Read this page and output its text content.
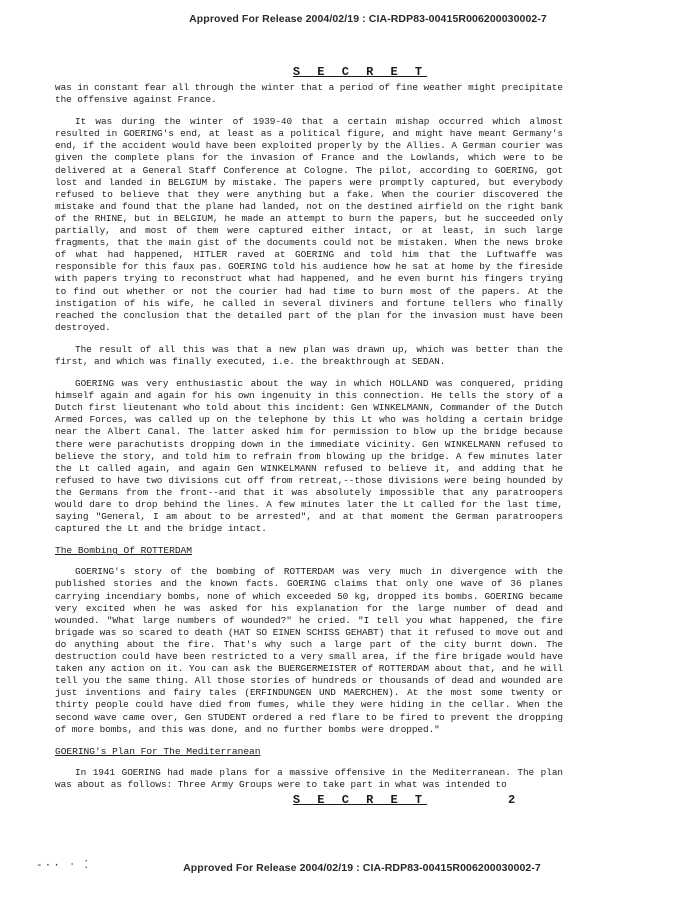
Approved For Release 2004/02/19 : CIA-RDP83-00415R006200030002-7
S E C R E T

was in constant fear all through the winter that a period of fine weather might precipitate the offensive against France.

It was during the winter of 1939-40 that a certain mishap occurred which almost resulted in GOERING's end, at least as a political figure, and might have meant Germany's end, if the accident would have been exploited properly by the Allies. A German courier was given the complete plans for the invasion of France and the Lowlands, which were to be delivered at a General Staff Conference at Cologne. The pilot, according to GOERING, got lost and landed in BELGIUM by mistake. The papers were promptly captured, but everybody refused to believe that they were anything but a fake. When the courier discovered the mistake and found that the plane had landed, not on the destined airfield on the right bank of the RHINE, but in BELGIUM, he made an attempt to burn the papers, but he succeeded only partially, and most of them were captured either intact, or at least, in such large fragments, that the main gist of the documents could not be mistaken. When the news broke of what had happened, HITLER raved at GOERING and told him that the Luftwaffe was responsible for this faux pas. GOERING told his audience how he sat at home by the fireside with papers trying to reconstruct what had happened, and he even burnt his fingers trying to find out whether or not the courier had had time to burn most of the papers. At the instigation of his wife, he called in several diviners and fortune tellers who finally reached the conclusion that the detailed part of the plan for the invasion must have been destroyed.

The result of all this was that a new plan was drawn up, which was better than the first, and which was finally executed, i.e. the breakthrough at SEDAN.

GOERING was very enthusiastic about the way in which HOLLAND was conquered, priding himself again and again for his own ingenuity in this connection. He tells the story of a Dutch first lieutenant who told about this incident: Gen WINKELMANN, Commander of the Dutch Armed Forces, was called up on the telephone by this Lt who was holding a certain bridge near the Albert Canal. The latter asked him for permission to blow up the bridge because there were parachutists dropping down in the immediate vicinity. Gen WINKELMANN refused to believe the story, and told him to refrain from blowing up the bridge. A few minutes later the Lt called again, and again Gen WINKELMANN refused to believe it, and adding that he refused to have two divisions cut off from retreat,--those divisions were being hounded by the Germans from the front--and that it was absolutely impossible that any paratroopers would dare to drop behind the lines. A few minutes later the Lt called for the last time, saying "General, I am about to be arrested", and at that moment the German paratroopers captured the Lt and the bridge intact.

The Bombing Of ROTTERDAM

GOERING's story of the bombing of ROTTERDAM was very much in divergence with the published stories and the known facts. GOERING claims that only one wave of 36 planes carrying incendiary bombs, none of which exceeded 50 kg, dropped its bombs. GOERING became very excited when he was asked for his explanation for the large number of dead and wounded. "What large numbers of wounded?" he cried. "I tell you what happened, the fire brigade was so scared to death (HAT SO EINEN SCHISS GEHABT) that it refused to move out and do anything about the fire. That's why such a large part of the city burnt down. The destruction could have been restricted to a very small area, if the fire brigade would have taken any action on it. You can ask the BUERGERMEISTER of ROTTERDAM about that, and he will tell you the same thing. All those stories of hundreds or thousands of dead and wounded are just inventions and fairy tales (ERFINDUNGEN UND MAERCHEN). At the most some twenty or thirty people could have died from fumes, while they were hiding in the cellar. When the second wave came over, Gen STUDENT ordered a red flare to be fired to prevent the dropping of more bombs, and this was done, and no further bombs were dropped."

GOERING's Plan For The Mediterranean

In 1941 GOERING had made plans for a massive offensive in the Mediterranean. The plan was about as follows: Three Army Groups were to take part in what was intended to

S E C R E T	2
-·· ‧ ⁚	Approved For Release 2004/02/19 : CIA-RDP83-00415R006200030002-7
